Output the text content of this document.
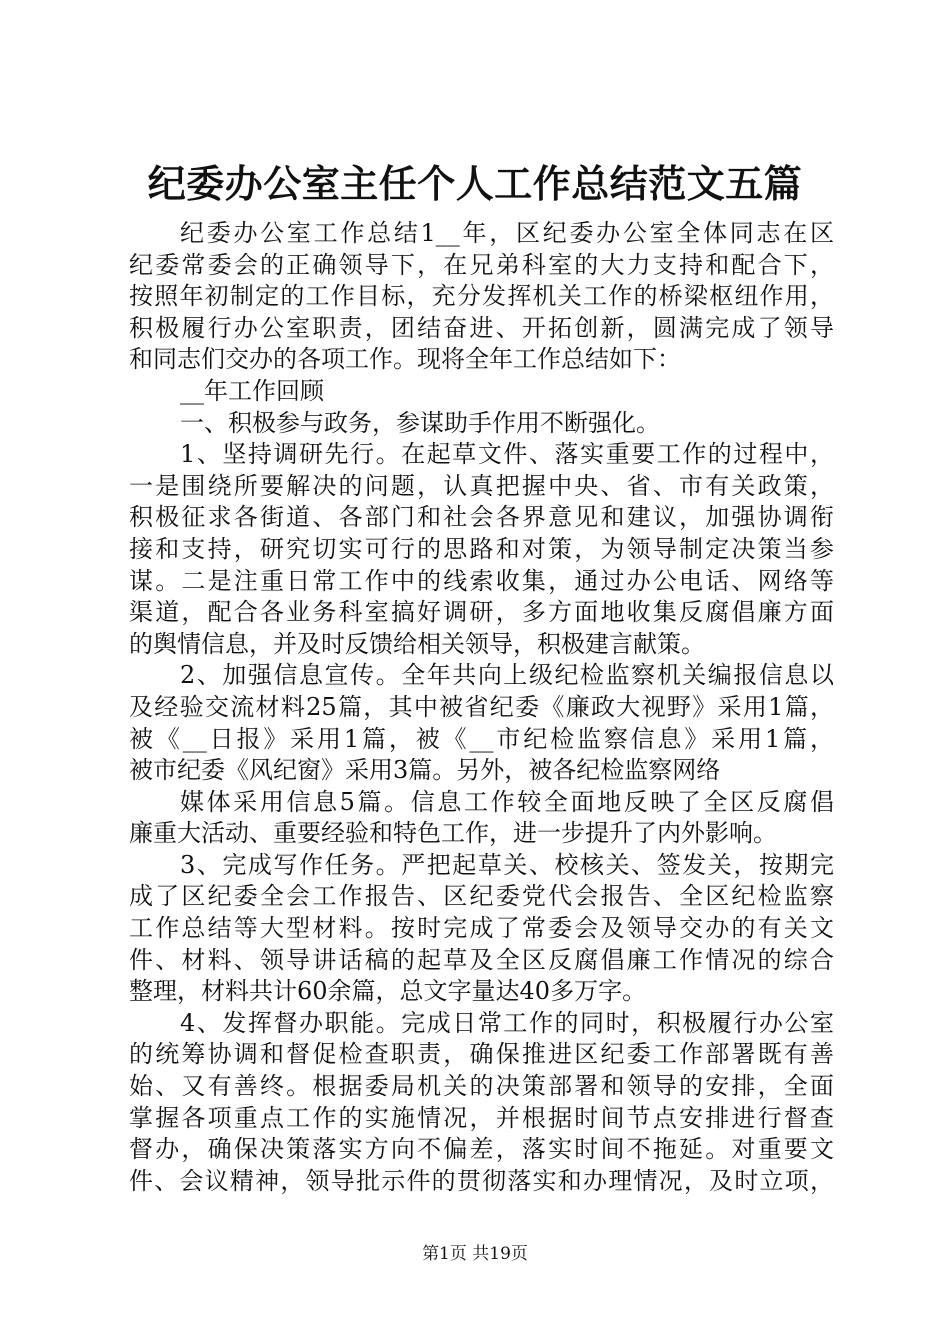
纪委办公室主任个人工作总结范文五篇
纪委办公室工作总结1__年，区纪委办公室全体同志在区
纪委常委会的正确领导下，在兄弟科室的大力支持和配合下，
按照年初制定的工作目标，充分发挥机关工作的桥梁枢纽作用，
积极履行办公室职责，团结奋进、开拓创新，圆满完成了领导
和同志们交办的各项工作。现将全年工作总结如下：
__年工作回顾
一、积极参与政务，参谋助手作用不断强化。
1、坚持调研先行。在起草文件、落实重要工作的过程中，
一是围绕所要解决的问题，认真把握中央、省、市有关政策，
积极征求各街道、各部门和社会各界意见和建议，加强协调衔
接和支持，研究切实可行的思路和对策，为领导制定决策当参
谋。二是注重日常工作中的线索收集，通过办公电话、网络等
渠道，配合各业务科室搞好调研，多方面地收集反腐倡廉方面
的舆情信息，并及时反馈给相关领导，积极建言献策。
2、加强信息宣传。全年共向上级纪检监察机关编报信息以
及经验交流材料25篇，其中被省纪委《廉政大视野》采用1篇，
被《__日报》采用1篇，被《__市纪检监察信息》采用1篇，
被市纪委《风纪窗》采用3篇。另外，被各纪检监察网络
媒体采用信息5篇。信息工作较全面地反映了全区反腐倡
廉重大活动、重要经验和特色工作，进一步提升了内外影响。
3、完成写作任务。严把起草关、校核关、签发关，按期完
成了区纪委全会工作报告、区纪委党代会报告、全区纪检监察
工作总结等大型材料。按时完成了常委会及领导交办的有关文
件、材料、领导讲话稿的起草及全区反腐倡廉工作情况的综合
整理，材料共计60余篇，总文字量达40多万字。
4、发挥督办职能。完成日常工作的同时，积极履行办公室
的统筹协调和督促检查职责，确保推进区纪委工作部署既有善
始、又有善终。根据委局机关的决策部署和领导的安排，全面
掌握各项重点工作的实施情况，并根据时间节点安排进行督查
督办，确保决策落实方向不偏差，落实时间不拖延。对重要文
件、会议精神，领导批示件的贯彻落实和办理情况，及时立项，
第1页 共19页
